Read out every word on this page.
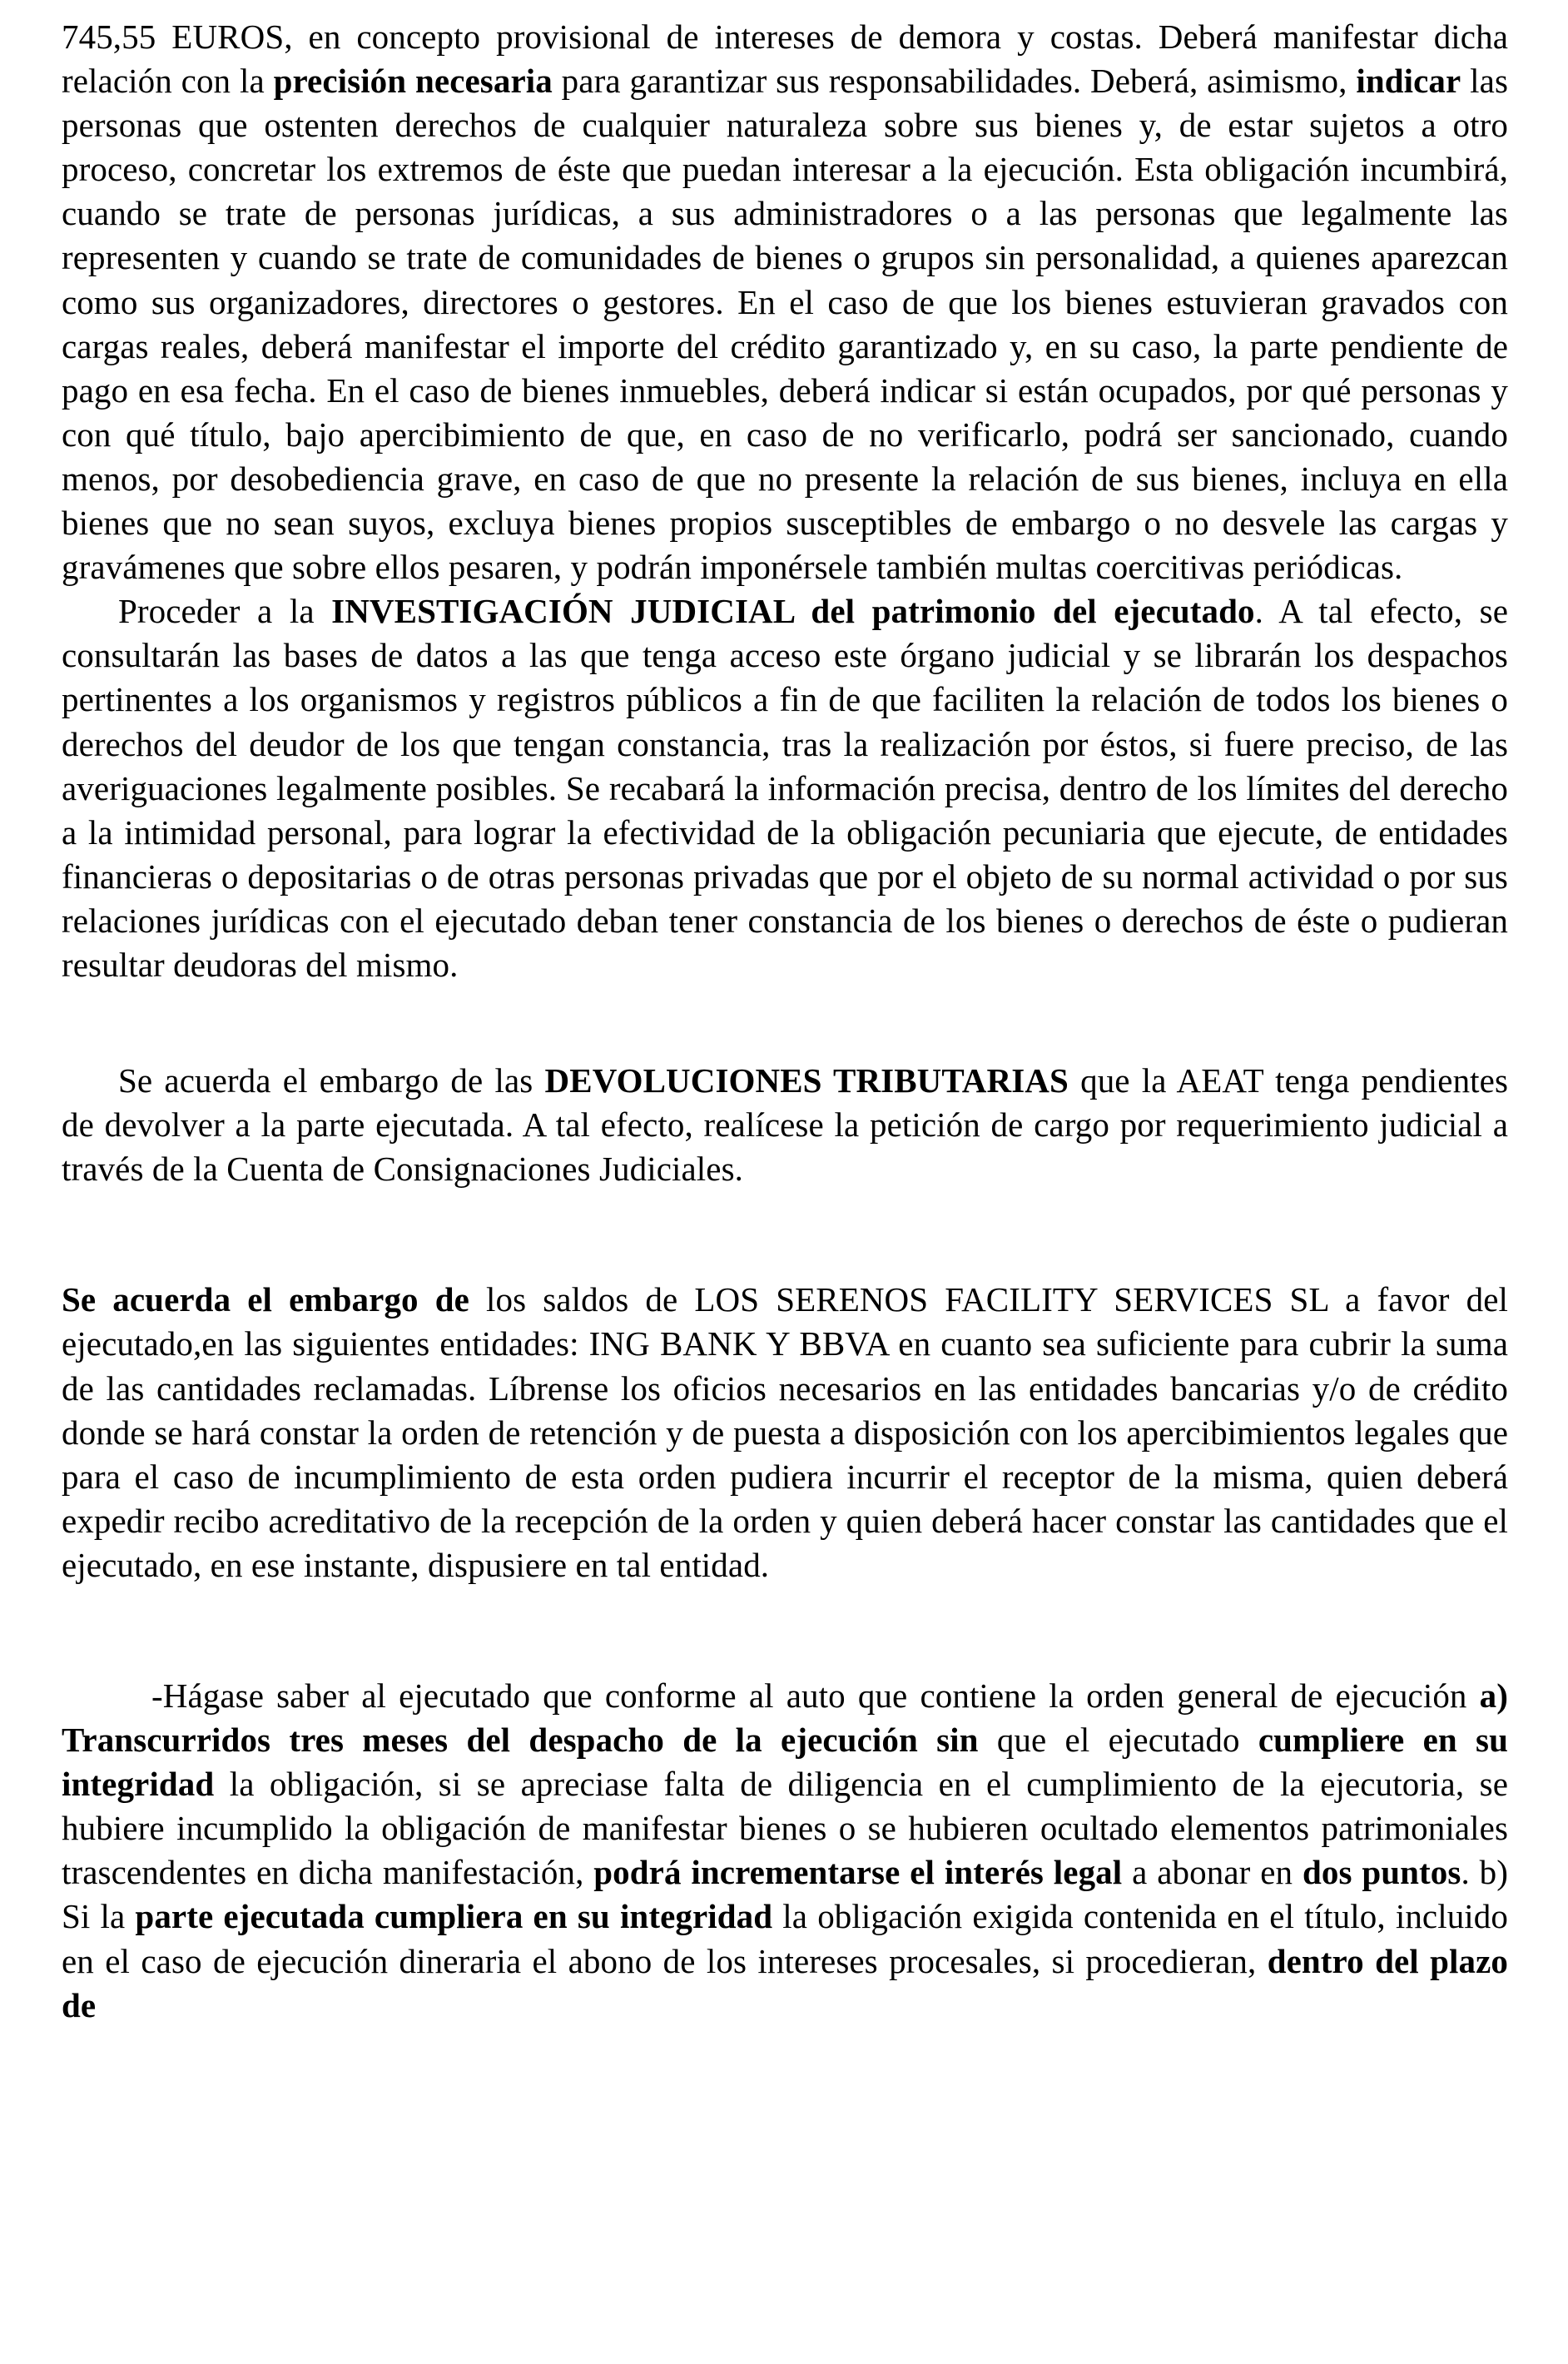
745,55 EUROS, en concepto provisional de intereses de demora y costas. Deberá manifestar dicha relación con la precisión necesaria para garantizar sus responsabilidades. Deberá, asimismo, indicar las personas que ostenten derechos de cualquier naturaleza sobre sus bienes y, de estar sujetos a otro proceso, concretar los extremos de éste que puedan interesar a la ejecución. Esta obligación incumbirá, cuando se trate de personas jurídicas, a sus administradores o a las personas que legalmente las representen y cuando se trate de comunidades de bienes o grupos sin personalidad, a quienes aparezcan como sus organizadores, directores o gestores. En el caso de que los bienes estuvieran gravados con cargas reales, deberá manifestar el importe del crédito garantizado y, en su caso, la parte pendiente de pago en esa fecha. En el caso de bienes inmuebles, deberá indicar si están ocupados, por qué personas y con qué título, bajo apercibimiento de que, en caso de no verificarlo, podrá ser sancionado, cuando menos, por desobediencia grave, en caso de que no presente la relación de sus bienes, incluya en ella bienes que no sean suyos, excluya bienes propios susceptibles de embargo o no desvele las cargas y gravámenes que sobre ellos pesaren, y podrán imponérsele también multas coercitivas periódicas.

Proceder a la INVESTIGACIÓN JUDICIAL del patrimonio del ejecutado. A tal efecto, se consultarán las bases de datos a las que tenga acceso este órgano judicial y se librarán los despachos pertinentes a los organismos y registros públicos a fin de que faciliten la relación de todos los bienes o derechos del deudor de los que tengan constancia, tras la realización por éstos, si fuere preciso, de las averiguaciones legalmente posibles. Se recabará la información precisa, dentro de los límites del derecho a la intimidad personal, para lograr la efectividad de la obligación pecuniaria que ejecute, de entidades financieras o depositarias o de otras personas privadas que por el objeto de su normal actividad o por sus relaciones jurídicas con el ejecutado deban tener constancia de los bienes o derechos de éste o pudieran resultar deudoras del mismo.

Se acuerda el embargo de las DEVOLUCIONES TRIBUTARIAS que la AEAT tenga pendientes de devolver a la parte ejecutada. A tal efecto, realícese la petición de cargo por requerimiento judicial a través de la Cuenta de Consignaciones Judiciales.

Se acuerda el embargo de los saldos de LOS SERENOS FACILITY SERVICES SL a favor del ejecutado,en las siguientes entidades: ING BANK Y BBVA en cuanto sea suficiente para cubrir la suma de las cantidades reclamadas. Líbrense los oficios necesarios en las entidades bancarias y/o de crédito donde se hará constar la orden de retención y de puesta a disposición con los apercibimientos legales que para el caso de incumplimiento de esta orden pudiera incurrir el receptor de la misma, quien deberá expedir recibo acreditativo de la recepción de la orden y quien deberá hacer constar las cantidades que el ejecutado, en ese instante, dispusiere en tal entidad.

-Hágase saber al ejecutado que conforme al auto que contiene la orden general de ejecución a) Transcurridos tres meses del despacho de la ejecución sin que el ejecutado cumpliere en su integridad la obligación, si se apreciase falta de diligencia en el cumplimiento de la ejecutoria, se hubiere incumplido la obligación de manifestar bienes o se hubieren ocultado elementos patrimoniales trascendentes en dicha manifestación, podrá incrementarse el interés legal a abonar en dos puntos. b) Si la parte ejecutada cumpliera en su integridad la obligación exigida contenida en el título, incluido en el caso de ejecución dineraria el abono de los intereses procesales, si procedieran, dentro del plazo de
